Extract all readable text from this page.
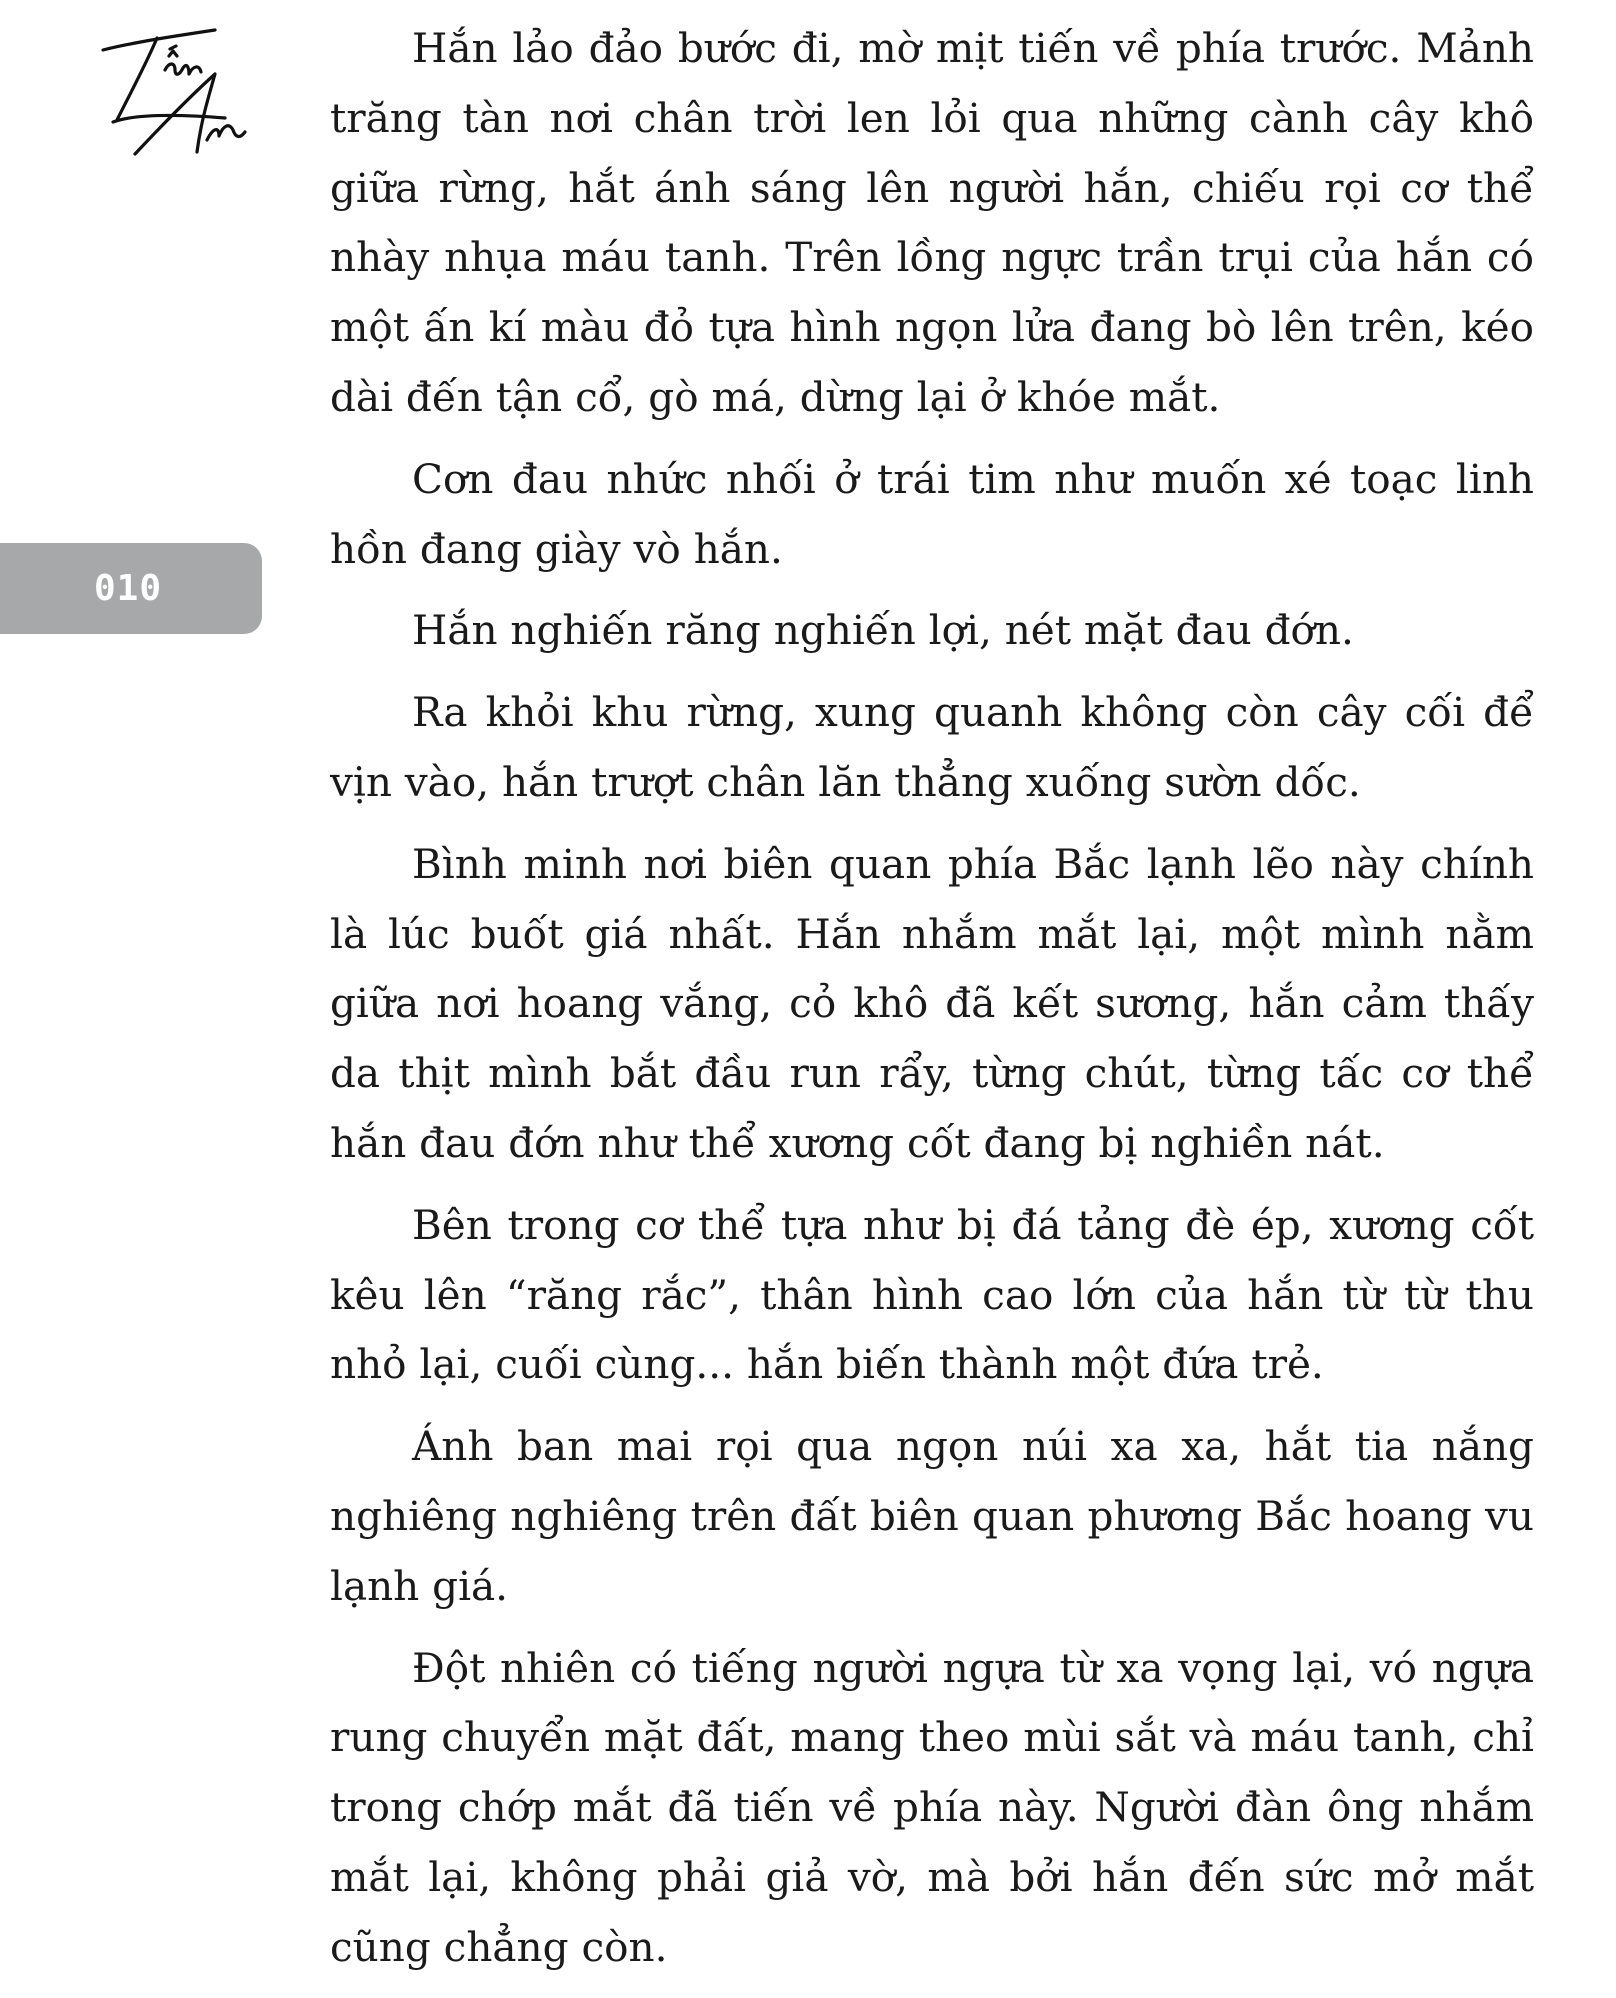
010

Hắn lảo đảo bước đi, mờ mịt tiến về phía trước. Mảnh trăng tàn nơi chân trời len lỏi qua những cành cây khô giữa rừng, hắt ánh sáng lên người hắn, chiếu rọi cơ thể nhày nhụa máu tanh. Trên lồng ngực trần trụi của hắn có một ấn kí màu đỏ tựa hình ngọn lửa đang bò lên trên, kéo dài đến tận cổ, gò má, dừng lại ở khóe mắt.

Cơn đau nhức nhối ở trái tim như muốn xé toạc linh hồn đang giày vò hắn.

Hắn nghiến răng nghiến lợi, nét mặt đau đớn.

Ra khỏi khu rừng, xung quanh không còn cây cối để vịn vào, hắn trượt chân lăn thẳng xuống sườn dốc.

Bình minh nơi biên quan phía Bắc lạnh lẽo này chính là lúc buốt giá nhất. Hắn nhắm mắt lại, một mình nằm giữa nơi hoang vắng, cỏ khô đã kết sương, hắn cảm thấy da thịt mình bắt đầu run rẩy, từng chút, từng tấc cơ thể hắn đau đớn như thể xương cốt đang bị nghiền nát.

Bên trong cơ thể tựa như bị đá tảng đè ép, xương cốt kêu lên “răng rắc”, thân hình cao lớn của hắn từ từ thu nhỏ lại, cuối cùng... hắn biến thành một đứa trẻ.

Ánh ban mai rọi qua ngọn núi xa xa, hắt tia nắng nghiêng nghiêng trên đất biên quan phương Bắc hoang vu lạnh giá.

Đột nhiên có tiếng người ngựa từ xa vọng lại, vó ngựa rung chuyển mặt đất, mang theo mùi sắt và máu tanh, chỉ trong chớp mắt đã tiến về phía này. Người đàn ông nhắm mắt lại, không phải giả vờ, mà bởi hắn đến sức mở mắt cũng chẳng còn.
